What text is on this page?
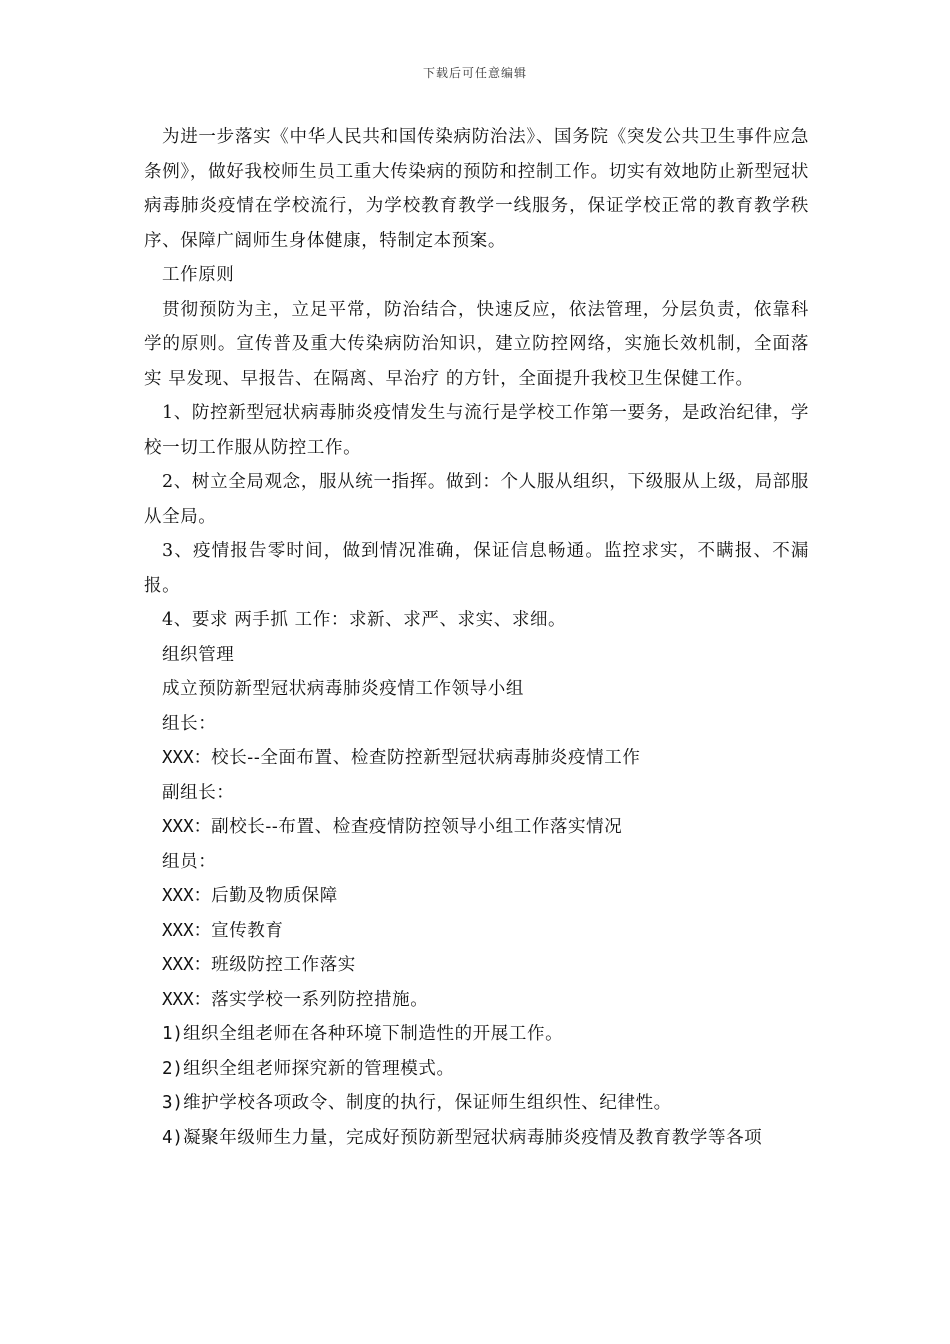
下载后可任意编辑

为进一步落实《中华人民共和国传染病防治法》、国务院《突发公共卫生事件应急条例》，做好我校师生员工重大传染病的预防和控制工作。切实有效地防止新型冠状病毒肺炎疫情在学校流行，为学校教育教学一线服务，保证学校正常的教育教学秩序、保障广阔师生身体健康，特制定本预案。

工作原则

贯彻预防为主，立足平常，防治结合，快速反应，依法管理，分层负责，依靠科学的原则。宣传普及重大传染病防治知识，建立防控网络，实施长效机制，全面落实 早发现、早报告、在隔离、早治疗 的方针，全面提升我校卫生保健工作。

1、防控新型冠状病毒肺炎疫情发生与流行是学校工作第一要务，是政治纪律，学校一切工作服从防控工作。

2、树立全局观念，服从统一指挥。做到：个人服从组织，下级服从上级，局部服从全局。

3、疫情报告零时间，做到情况准确，保证信息畅通。监控求实，不瞒报、不漏报。

4、要求 两手抓 工作：求新、求严、求实、求细。

组织管理

成立预防新型冠状病毒肺炎疫情工作领导小组

组长：

XXX：校长--全面布置、检查防控新型冠状病毒肺炎疫情工作

副组长：

XXX：副校长--布置、检查疫情防控领导小组工作落实情况

组员：

XXX：后勤及物质保障

XXX：宣传教育

XXX：班级防控工作落实

XXX：落实学校一系列防控措施。

1)组织全组老师在各种环境下制造性的开展工作。

2)组织全组老师探究新的管理模式。

3)维护学校各项政令、制度的执行，保证师生组织性、纪律性。

4)凝聚年级师生力量，完成好预防新型冠状病毒肺炎疫情及教育教学等各项
